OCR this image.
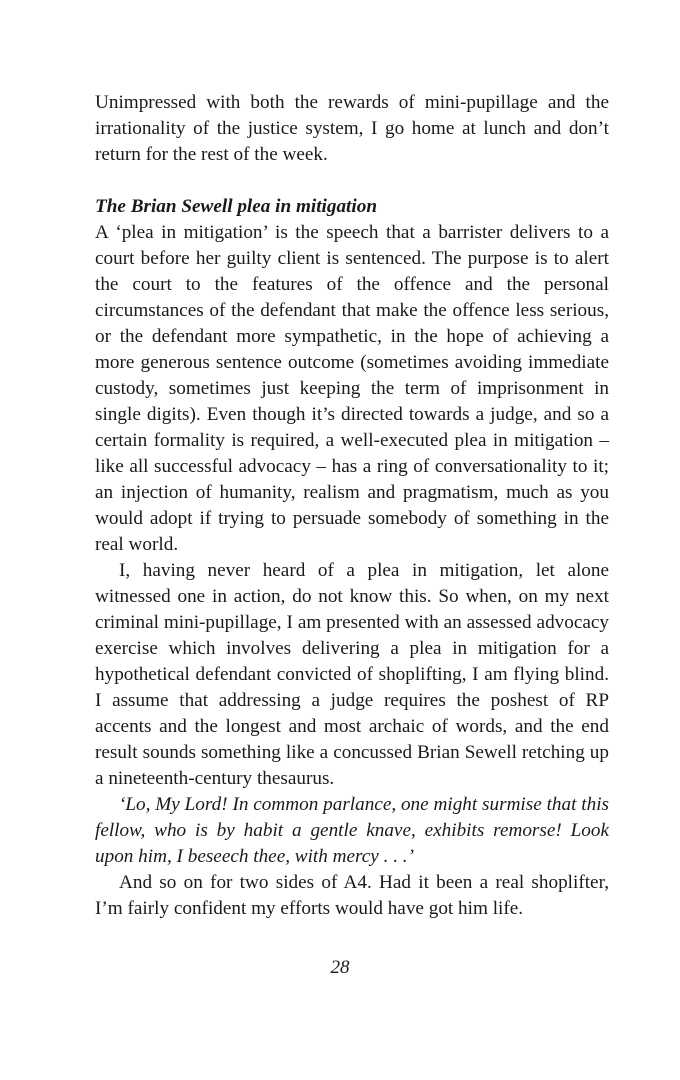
Unimpressed with both the rewards of mini-pupillage and the irrationality of the justice system, I go home at lunch and don’t return for the rest of the week.

The Brian Sewell plea in mitigation

A ‘plea in mitigation’ is the speech that a barrister delivers to a court before her guilty client is sentenced. The purpose is to alert the court to the features of the offence and the personal circumstances of the defendant that make the offence less serious, or the defendant more sympathetic, in the hope of achieving a more generous sentence outcome (sometimes avoiding immediate custody, sometimes just keeping the term of imprisonment in single digits). Even though it’s directed towards a judge, and so a certain formality is required, a well-executed plea in mitigation – like all successful advocacy – has a ring of conversationality to it; an injection of humanity, realism and pragmatism, much as you would adopt if trying to persuade somebody of something in the real world.

I, having never heard of a plea in mitigation, let alone witnessed one in action, do not know this. So when, on my next criminal mini-pupillage, I am presented with an assessed advocacy exercise which involves delivering a plea in mitigation for a hypothetical defendant convicted of shoplifting, I am flying blind. I assume that addressing a judge requires the poshest of RP accents and the longest and most archaic of words, and the end result sounds something like a concussed Brian Sewell retching up a nineteenth-century thesaurus.

‘Lo, My Lord! In common parlance, one might surmise that this fellow, who is by habit a gentle knave, exhibits remorse! Look upon him, I beseech thee, with mercy . . .’

And so on for two sides of A4. Had it been a real shoplifter, I’m fairly confident my efforts would have got him life.

28
